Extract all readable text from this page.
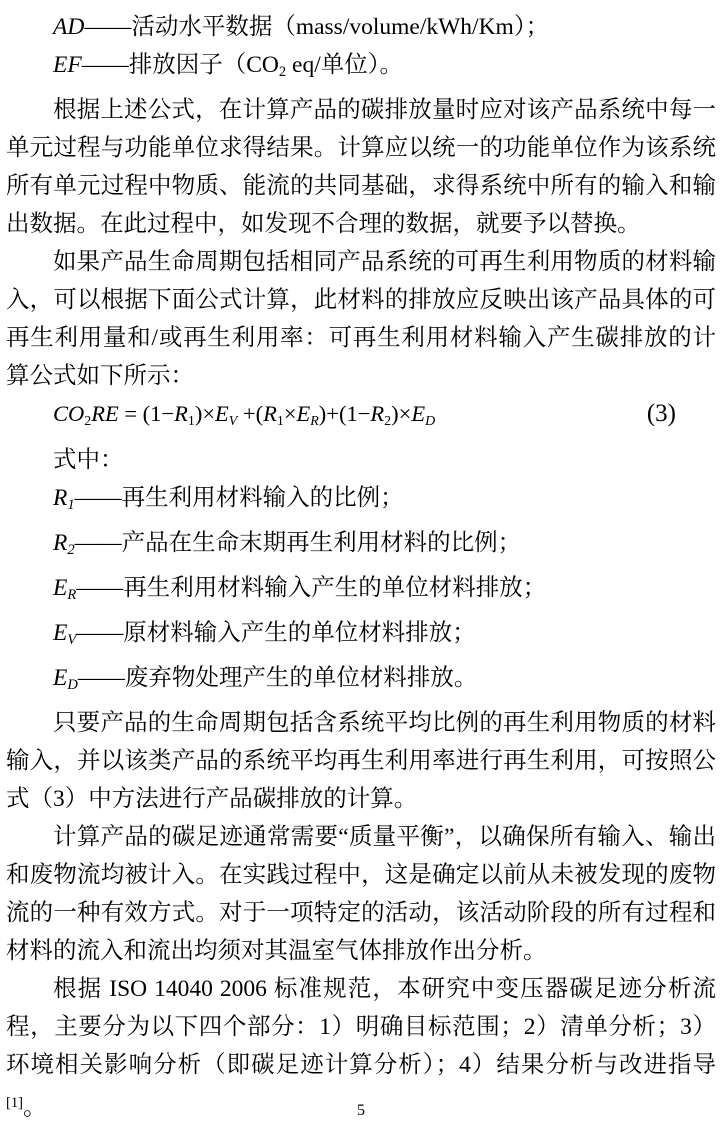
AD——活动水平数据（mass/volume/kWh/Km）；

EF——排放因子（$CO_2$ eq/单位）。

根据上述公式，在计算产品的碳排放量时应对该产品系统中每一单元过程与功能单位求得结果。计算应以统一的功能单位作为该系统所有单元过程中物质、能流的共同基础，求得系统中所有的输入和输出数据。在此过程中，如发现不合理的数据，就要予以替换。

如果产品生命周期包括相同产品系统的可再生利用物质的材料输入，可以根据下面公式计算，此材料的排放应反映出该产品具体的可再生利用量和/或再生利用率：可再生利用材料输入产生碳排放的计算公式如下所示：

$CO_2RE = (1-R_1)\times E_V +(R_1\times E_R)+(1-R_2)\times E_D$	(3)

式中：

$R_1——$再生利用材料输入的比例；

$R_2——$产品在生命末期再生利用材料的比例；

$E_R——$再生利用材料输入产生的单位材料排放；

$E_V——$原材料输入产生的单位材料排放；

$E_D——$废弃物处理产生的单位材料排放。

只要产品的生命周期包括含系统平均比例的再生利用物质的材料输入，并以该类产品的系统平均再生利用率进行再生利用，可按照公式（3）中方法进行产品碳排放的计算。

计算产品的碳足迹通常需要“质量平衡”，以确保所有输入、输出和废物流均被计入。在实践过程中，这是确定以前从未被发现的废物流的一种有效方式。对于一项特定的活动，该活动阶段的所有过程和材料的流入和流出均须对其温室气体排放作出分析。

根据 ISO 14040 2006 标准规范，本研究中变压器碳足迹分析流程，主要分为以下四个部分：1）明确目标范围；2）清单分析；3）环境相关影响分析（即碳足迹计算分析）；4）结果分析与改进指导[1]。	5
